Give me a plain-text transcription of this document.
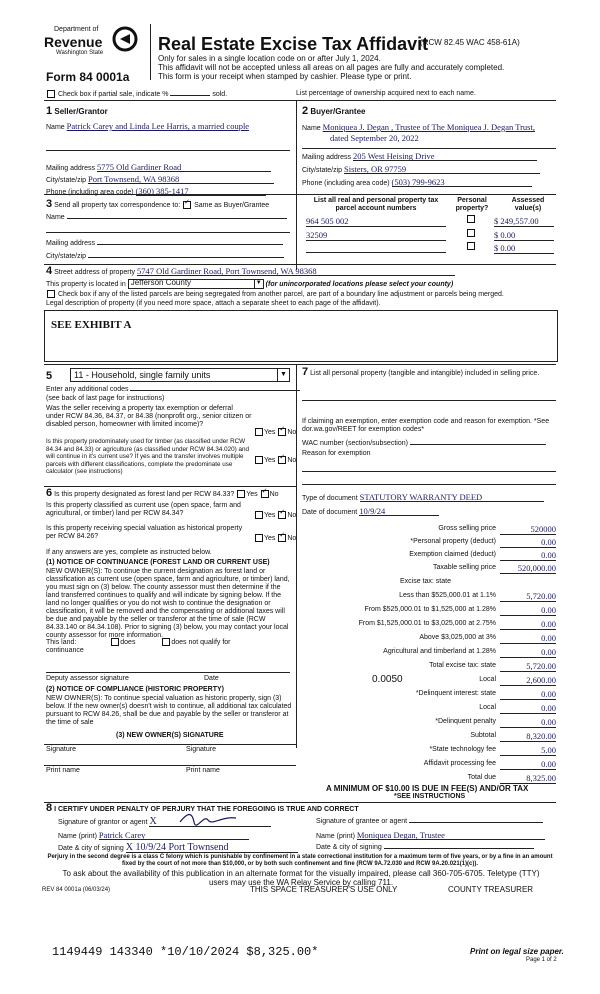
Department of
Revenue
Washington State
Form 84 0001a
Real Estate Excise Tax Affidavit
(RCW 82.45 WAC 458-61A)
Only for sales in a single location code on or after July 1, 2024.
This affidavit will not be accepted unless all areas on all pages are fully and accurately completed.
This form is your receipt when stamped by cashier. Please type or print.
Check box if partial sale, indicate %	sold.	List percentage of ownership acquired next to each name.
1 Seller/Grantor
Name Patrick Carey and Linda Lee Harris, a married couple
Mailing address 5775 Old Gardiner Road
City/state/zip Port Townsend, WA 98368
Phone (including area code) (360) 385-1417
2 Buyer/Grantee
Name Moniquea J. Degan , Trustee of The Moniquea J. Degan Trust,
dated September 20, 2022
Mailing address 205 West Heising Drive
City/state/zip Sisters, OR 97759
Phone (including area code) (503) 799-9623
3 Send all property tax correspondence to: ✓ Same as Buyer/Grantee
Name
Mailing address
City/state/zip
List all real and personal property tax parcel account numbers
Personal property?
Assessed value(s)
964 505 002	$ 249,557.00
32509	$ 0.00
$ 0.00
4 Street address of property 5747 Old Gardiner Road, Port Townsend, WA 98368
This property is located in Jefferson County	▼ (for unincorporated locations please select your county)
Check box if any of the listed parcels are being segregated from another parcel, are part of a boundary line adjustment or parcels being merged.
Legal description of property (if you need more space, attach a separate sheet to each page of the affidavit).
SEE EXHIBIT A
5 11 - Household, single family units	▼
Enter any additional codes
(see back of last page for instructions)
Was the seller receiving a property tax exemption or deferral under RCW 84.36, 84.37, or 84.38 (nonprofit org., senior citizen or disabled person, homeowner with limited income)?
Yes ✓ No
Is this property predominately used for timber (as classified under RCW 84.34 and 84.33) or agriculture (as classified under RCW 84.34.020) and will continue in it's current use? If yes and the transfer involves multiple parcels with different classifications, complete the predominate use calculator (see instructions)
Yes ✓ No
7 List all personal property (tangible and intangible) included in selling price.
If claiming an exemption, enter exemption code and reason for exemption. *See dor.wa.gov/REET for exemption codes*
WAC number (section/subsection)
Reason for exemption
6 Is this property designated as forest land per RCW 84.33? Yes ✓ No
Is this property classified as current use (open space, farm and agricultural, or timber) land per RCW 84.34?	Yes ✓ No
Is this property receiving special valuation as historical property per RCW 84.26?	Yes ✓ No
If any answers are yes, complete as instructed below.
(1) NOTICE OF CONTINUANCE (FOREST LAND OR CURRENT USE)
NEW OWNER(S): To continue the current designation as forest land or classification as current use (open space, farm and agriculture, or timber) land, you must sign on (3) below. The county assessor must then determine if the land transferred continues to qualify and will indicate by signing below. If the land no longer qualifies or you do not wish to continue the designation or classification, it will be removed and the compensating or additional taxes will be due and payable by the seller or transferor at the time of sale (RCW 84.33.140 or 84.34.108). Prior to signing (3) below, you may contact your local county assessor for more information.
This land:	does	does not qualify for
continuance
Deputy assessor signature	Date
(2) NOTICE OF COMPLIANCE (HISTORIC PROPERTY)
NEW OWNER(S): To continue special valuation as historic property, sign (3) below. If the new owner(s) doesn't wish to continue, all additional tax calculated pursuant to RCW 84.26, shall be due and payable by the seller or transferor at the time of sale
(3) NEW OWNER(S) SIGNATURE
Signature	Signature
Print name	Print name
Type of document STATUTORY WARRANTY DEED
Date of document 10/9/24
Gross selling price	520000
*Personal property (deduct)	0.00
Exemption claimed (deduct)	0.00
Taxable selling price	520,000.00
Excise tax: state
Less than $525,000.01 at 1.1%	5,720.00
From $525,000.01 to $1,525,000 at 1.28%	0.00
From $1,525,000.01 to $3,025,000 at 2.75%	0.00
Above $3,025,000 at 3%	0.00
Agricultural and timberland at 1.28%	0.00
Total excise tax: state	5,720.00
0.0050	Local	2,600.00
*Delinquent interest: state	0.00
Local	0.00
*Delinquent penalty	0.00
Subtotal	8,320.00
*State technology fee	5.00
Affidavit processing fee	0.00
Total due	8,325.00
A MINIMUM OF $10.00 IS DUE IN FEE(S) AND/OR TAX
*SEE INSTRUCTIONS
8 I CERTIFY UNDER PENALTY OF PERJURY THAT THE FOREGOING IS TRUE AND CORRECT
Signature of grantor or agent X
Name (print) Patrick Carey
Date & city of signing X 10/9/24 Port Townsend
Signature of grantee or agent
Name (print) Moniquea Degan, Trustee
Date & city of signing
Perjury in the second degree is a class C felony which is punishable by confinement in a state correctional institution for a maximum term of five years, or by a fine in an amount fixed by the court of not more than $10,000, or by both such confinement and fine (RCW 9A.72.030 and RCW 9A.20.021(1)(c)).
To ask about the availability of this publication in an alternate format for the visually impaired, please call 360-705-6705. Teletype (TTY) users may use the WA Relay Service by calling 711.
REV 84 0001a (06/03/24)	THIS SPACE TREASURER'S USE ONLY	COUNTY TREASURER
1149449 143340 *10/10/2024 $8,325.00*	Print on legal size paper.
Page 1 of 2
